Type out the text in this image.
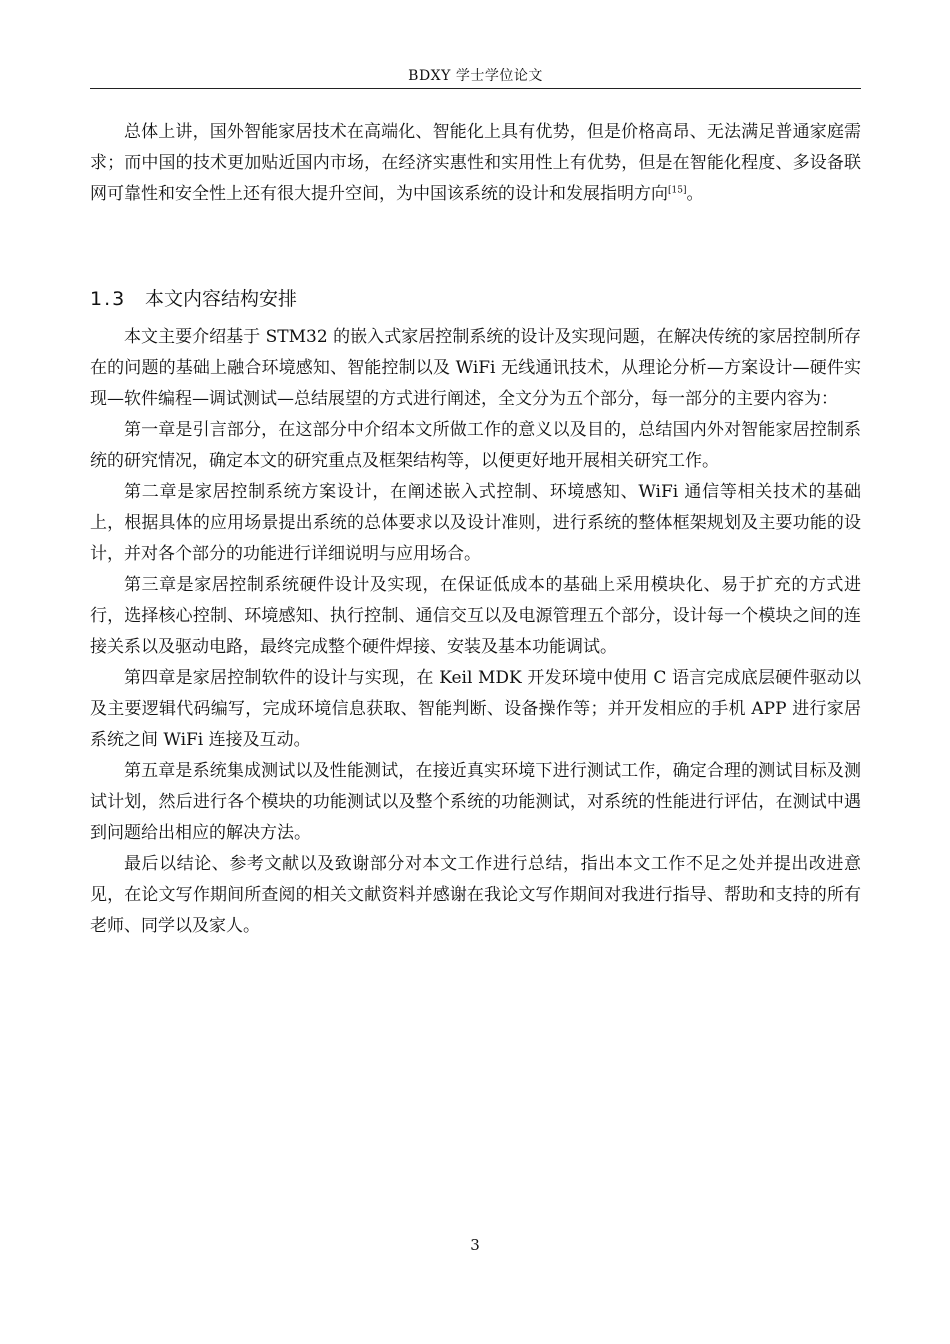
BDXY 学士学位论文

总体上讲，国外智能家居技术在高端化、智能化上具有优势，但是价格高昂、无法满足普通家庭需求；而中国的技术更加贴近国内市场，在经济实惠性和实用性上有优势，但是在智能化程度、多设备联网可靠性和安全性上还有很大提升空间，为中国该系统的设计和发展指明方向[15]。

1.3 本文内容结构安排

本文主要介绍基于 STM32 的嵌入式家居控制系统的设计及实现问题，在解决传统的家居控制所存在的问题的基础上融合环境感知、智能控制以及 WiFi 无线通讯技术，从理论分析—方案设计—硬件实现—软件编程—调试测试—总结展望的方式进行阐述，全文分为五个部分，每一部分的主要内容为：

第一章是引言部分，在这部分中介绍本文所做工作的意义以及目的，总结国内外对智能家居控制系统的研究情况，确定本文的研究重点及框架结构等，以便更好地开展相关研究工作。

第二章是家居控制系统方案设计，在阐述嵌入式控制、环境感知、WiFi 通信等相关技术的基础上，根据具体的应用场景提出系统的总体要求以及设计准则，进行系统的整体框架规划及主要功能的设计，并对各个部分的功能进行详细说明与应用场合。

第三章是家居控制系统硬件设计及实现，在保证低成本的基础上采用模块化、易于扩充的方式进行，选择核心控制、环境感知、执行控制、通信交互以及电源管理五个部分，设计每一个模块之间的连接关系以及驱动电路，最终完成整个硬件焊接、安装及基本功能调试。

第四章是家居控制软件的设计与实现，在 Keil MDK 开发环境中使用 C 语言完成底层硬件驱动以及主要逻辑代码编写，完成环境信息获取、智能判断、设备操作等；并开发相应的手机 APP 进行家居系统之间 WiFi 连接及互动。

第五章是系统集成测试以及性能测试，在接近真实环境下进行测试工作，确定合理的测试目标及测试计划，然后进行各个模块的功能测试以及整个系统的功能测试，对系统的性能进行评估，在测试中遇到问题给出相应的解决方法。

最后以结论、参考文献以及致谢部分对本文工作进行总结，指出本文工作不足之处并提出改进意见，在论文写作期间所查阅的相关文献资料并感谢在我论文写作期间对我进行指导、帮助和支持的所有老师、同学以及家人。

3
